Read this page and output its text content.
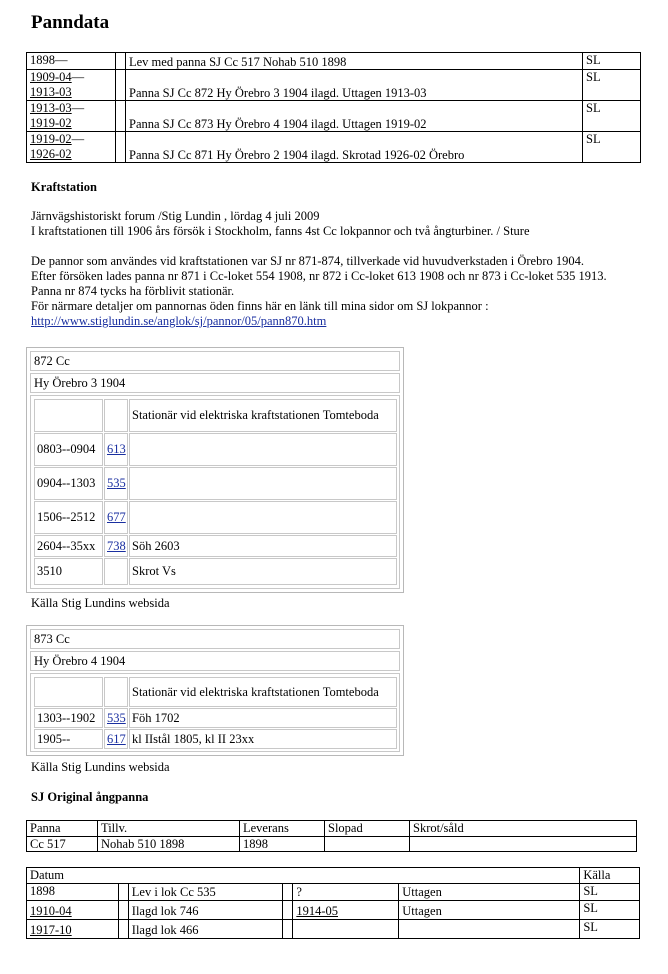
Panndata
1898—		Lev med panna SJ Cc 517 Nohab 510 1898	SL
1909-04—
1913-03		Panna SJ Cc 872 Hy Örebro 3 1904 ilagd. Uttagen 1913-03	SL
1913-03—
1919-02		Panna SJ Cc 873 Hy Örebro 4 1904 ilagd. Uttagen 1919-02	SL
1919-02—
1926-02		Panna SJ Cc 871 Hy Örebro 2 1904 ilagd. Skrotad 1926-02 Örebro	SL
Kraftstation
Järnvägshistoriskt forum /Stig Lundin , lördag 4 juli 2009
I kraftstationen till 1906 års försök i Stockholm, fanns 4st Cc lokpannor och två ångturbiner. / Sture
De pannor som användes vid kraftstationen var SJ nr 871-874, tillverkade vid huvudverkstaden i Örebro 1904.
Efter försöken lades panna nr 871 i Cc-loket 554 1908, nr 872 i Cc-loket 613 1908 och nr 873 i Cc-loket 535 1913.
Panna nr 874 tycks ha förblivit stationär.
För närmare detaljer om pannornas öden finns här en länk till mina sidor om SJ lokpannor :
http://www.stiglundin.se/anglok/sj/pannor/05/pann870.htm
872 Cc
Hy Örebro 3 1904
Stationär vid elektriska kraftstationen Tomteboda
0803--0904 613
0904--1303 535
1506--2512 677
2604--35xx 738 Söh 2603
3510	Skrot Vs
Källa Stig Lundins websida
873 Cc
Hy Örebro 4 1904
Stationär vid elektriska kraftstationen Tomteboda
1303--1902 535 Föh 1702
1905--	617 kl IIstål 1805, kl II 23xx
Källa Stig Lundins websida
SJ Original ångpanna
Panna	Tillv.	Leverans	Slopad	Skrot/såld
Cc 517	Nohab 510 1898	1898		
Datum						Källa
1898		Lev i lok Cc 535		?	Uttagen	SL
1910-04		Ilagd lok 746		1914-05	Uttagen	SL
1917-10		Ilagd lok 466				SL
